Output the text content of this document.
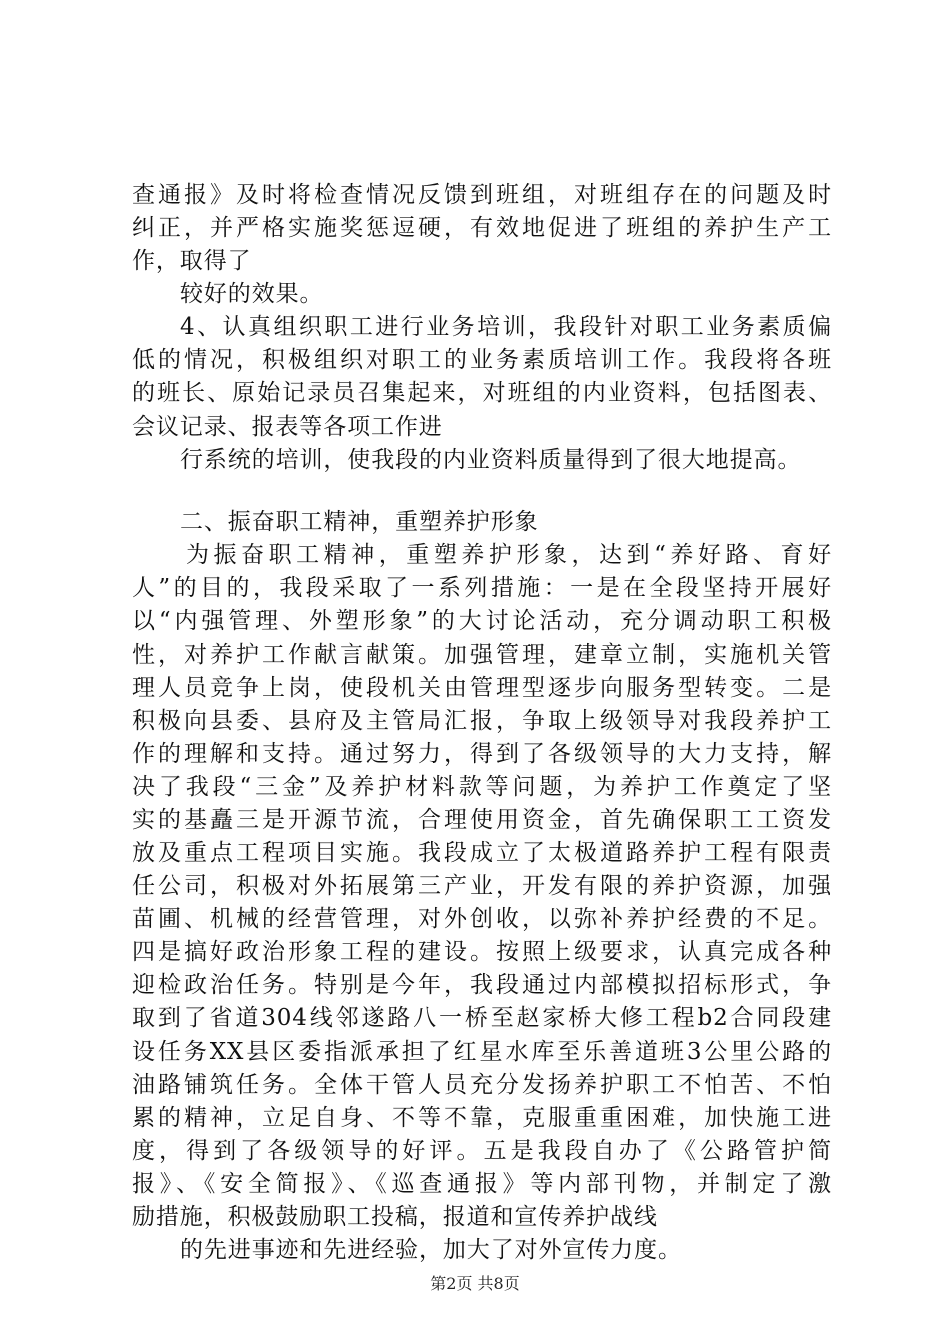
查通报》及时将检查情况反馈到班组，对班组存在的问题及时
纠正，并严格实施奖惩逗硬，有效地促进了班组的养护生产工
作，取得了
较好的效果。
4、认真组织职工进行业务培训，我段针对职工业务素质偏
低的情况，积极组织对职工的业务素质培训工作。我段将各班
的班长、原始记录员召集起来，对班组的内业资料，包括图表、
会议记录、报表等各项工作进
行系统的培训，使我段的内业资料质量得到了很大地提高。
二、振奋职工精神，重塑养护形象
为振奋职工精神，重塑养护形象，达到“养好路、育好
人”的目的，我段采取了一系列措施：一是在全段坚持开展好
以“内强管理、外塑形象”的大讨论活动，充分调动职工积极
性，对养护工作献言献策。加强管理，建章立制，实施机关管
理人员竞争上岗，使段机关由管理型逐步向服务型转变。二是
积极向县委、县府及主管局汇报，争取上级领导对我段养护工
作的理解和支持。通过努力，得到了各级领导的大力支持，解
决了我段“三金”及养护材料款等问题，为养护工作奠定了坚
实的基矗三是开源节流，合理使用资金，首先确保职工工资发
放及重点工程项目实施。我段成立了太极道路养护工程有限责
任公司，积极对外拓展第三产业，开发有限的养护资源，加强
苗圃、机械的经营管理，对外创收，以弥补养护经费的不足。
四是搞好政治形象工程的建设。按照上级要求，认真完成各种
迎检政治任务。特别是今年，我段通过内部模拟招标形式，争
取到了省道304线邻遂路八一桥至赵家桥大修工程b2合同段建
设任务XX县区委指派承担了红星水库至乐善道班3公里公路的
油路铺筑任务。全体干管人员充分发扬养护职工不怕苦、不怕
累的精神，立足自身、不等不靠，克服重重困难，加快施工进
度，得到了各级领导的好评。五是我段自办了《公路管护简
报》、《安全简报》、《巡查通报》等内部刊物，并制定了激
励措施，积极鼓励职工投稿，报道和宣传养护战线
的先进事迹和先进经验，加大了对外宣传力度。
第2页 共8页
